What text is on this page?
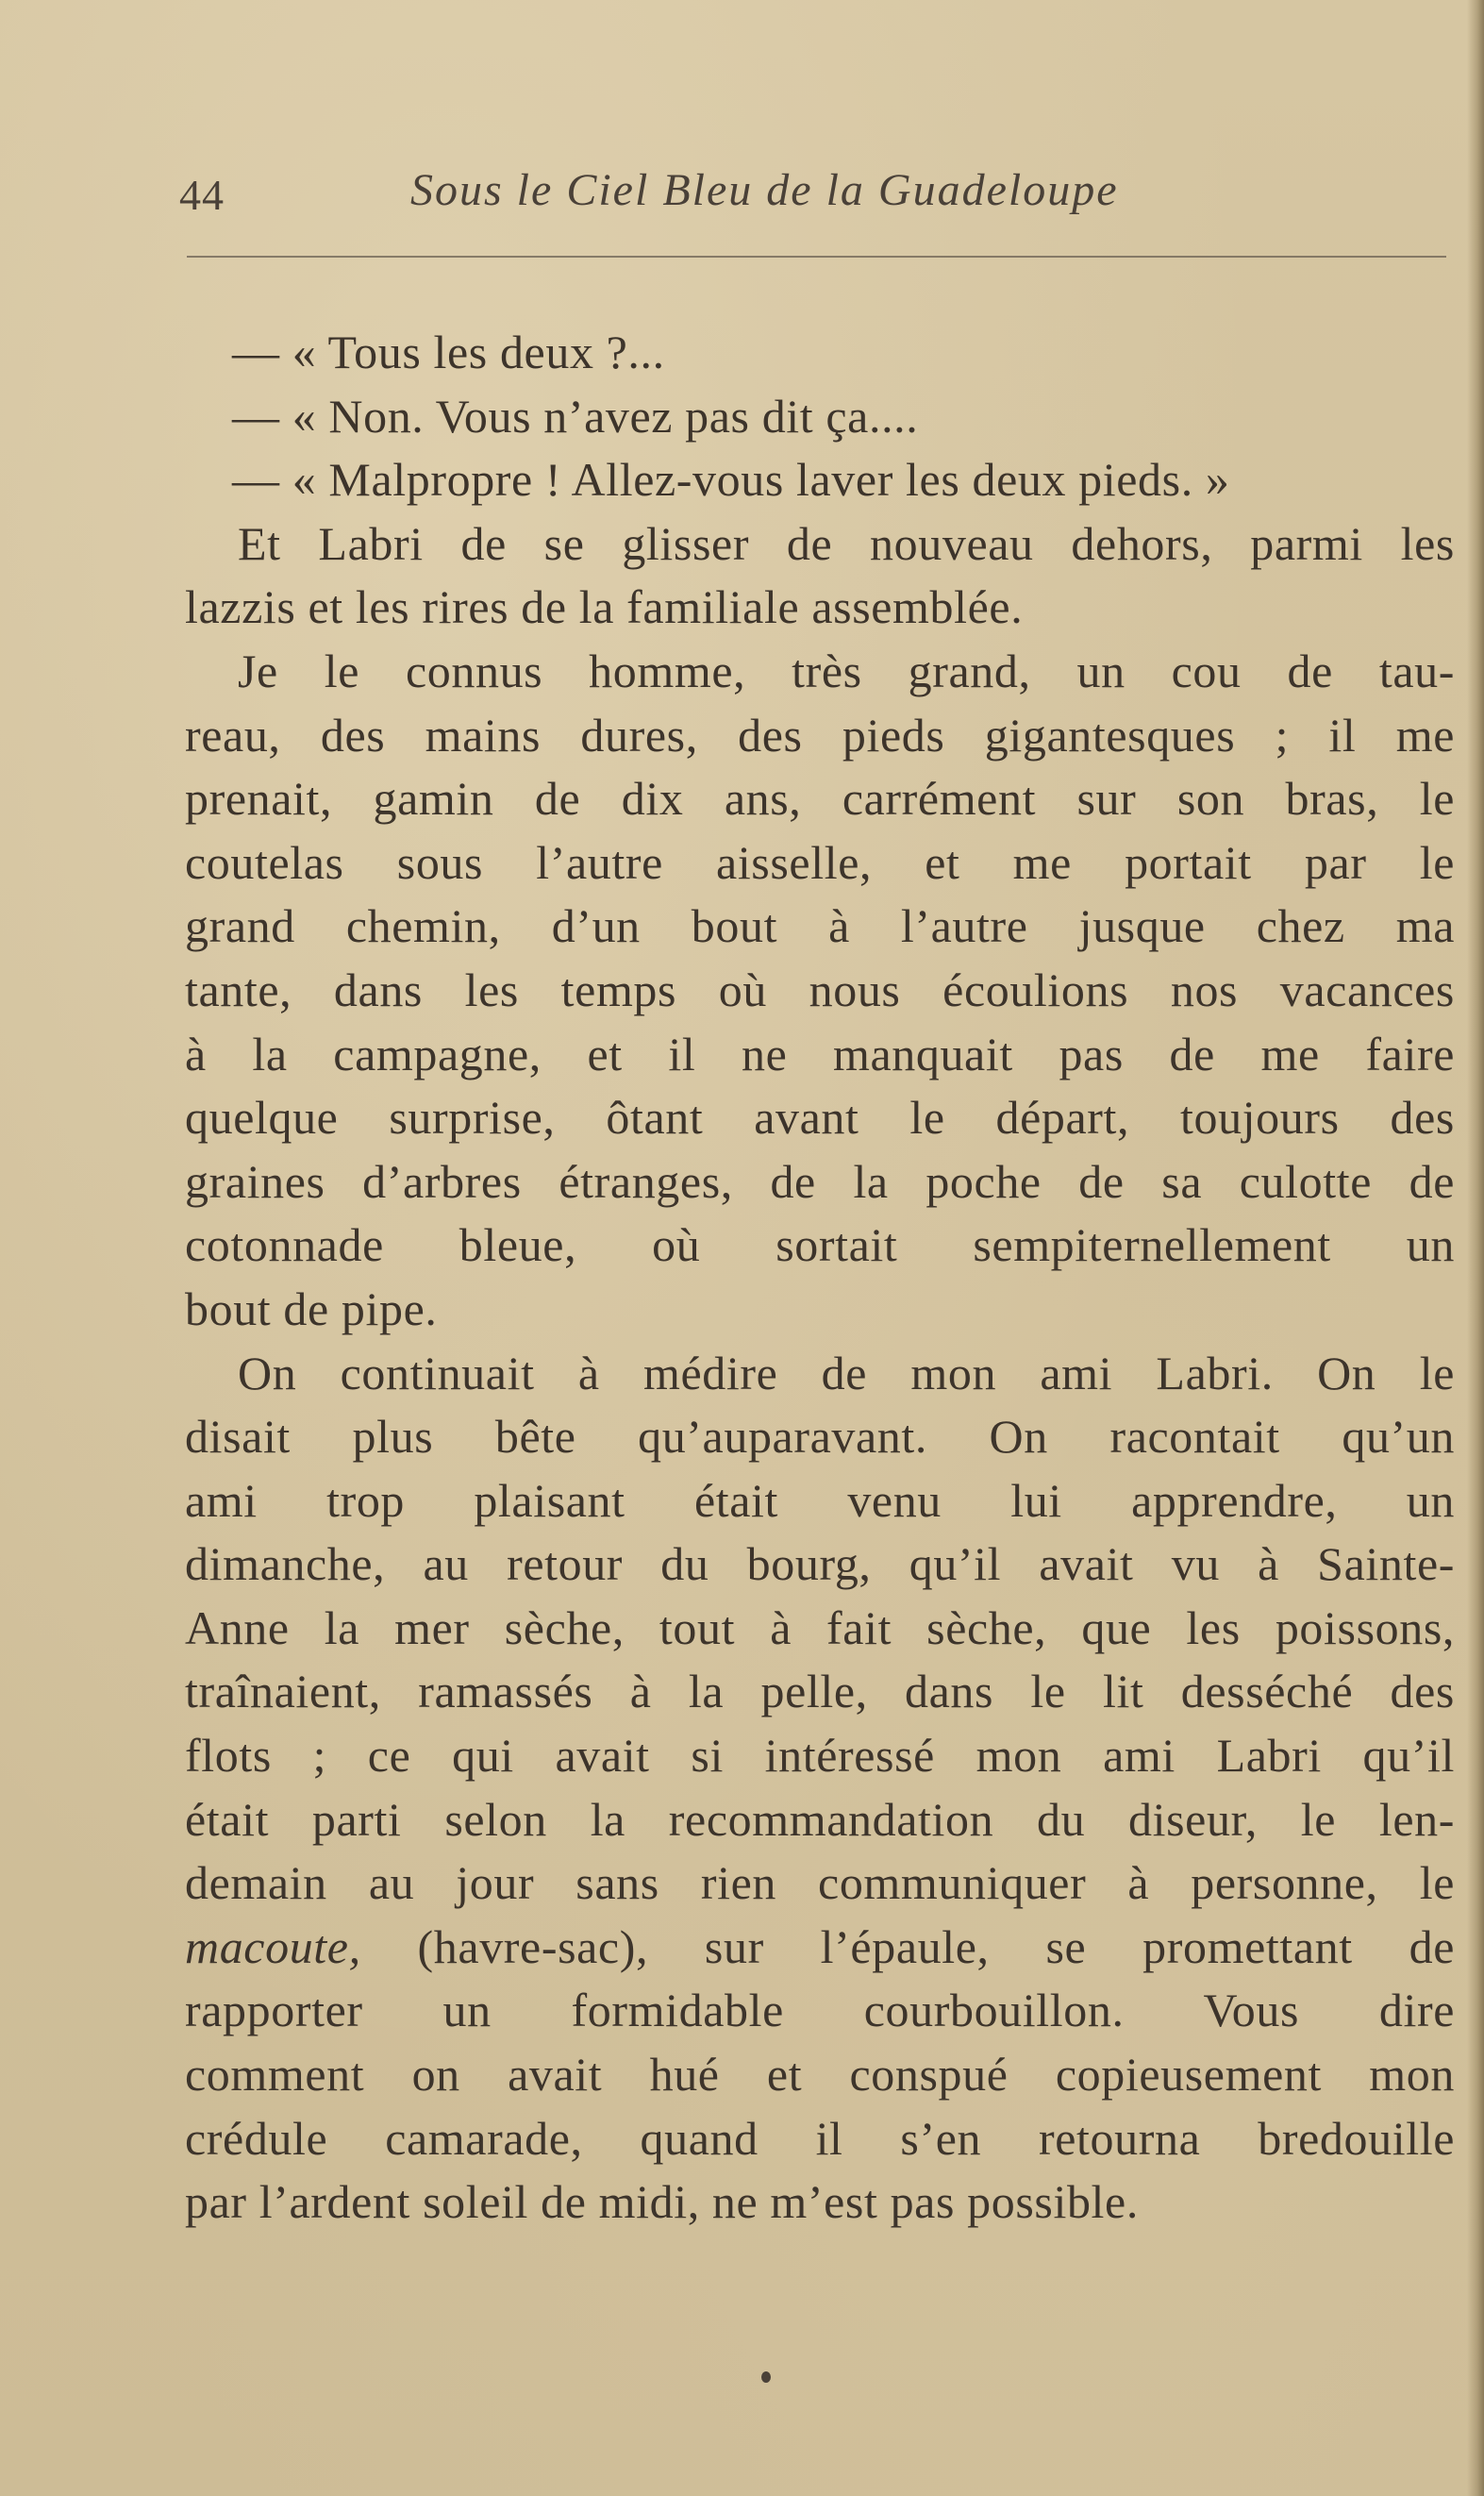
44	Sous le Ciel Bleu de la Guadeloupe
— « Tous les deux ?...
— « Non. Vous n’avez pas dit ça....
— « Malpropre ! Allez-vous laver les deux pieds. »
Et Labri de se glisser de nouveau dehors, parmi les
lazzis et les rires de la familiale assemblée.
Je le connus homme, très grand, un cou de tau-
reau, des mains dures, des pieds gigantesques ; il me
prenait, gamin de dix ans, carrément sur son bras, le
coutelas sous l’autre aisselle, et me portait par le
grand chemin, d’un bout à l’autre jusque chez ma
tante, dans les temps où nous écoulions nos vacances
à la campagne, et il ne manquait pas de me faire
quelque surprise, ôtant avant le départ, toujours des
graines d’arbres étranges, de la poche de sa culotte de
cotonnade bleue, où sortait sempiternellement un
bout de pipe.
On continuait à médire de mon ami Labri. On le
disait plus bête qu’auparavant. On racontait qu’un
ami trop plaisant était venu lui apprendre, un
dimanche, au retour du bourg, qu’il avait vu à Sainte-
Anne la mer sèche, tout à fait sèche, que les poissons,
traînaient, ramassés à la pelle, dans le lit desséché des
flots ; ce qui avait si intéressé mon ami Labri qu’il
était parti selon la recommandation du diseur, le len-
demain au jour sans rien communiquer à personne, le
macoute, (havre-sac), sur l’épaule, se promettant de
rapporter un formidable courbouillon. Vous dire
comment on avait hué et conspué copieusement mon
crédule camarade, quand il s’en retourna bredouille
par l’ardent soleil de midi, ne m’est pas possible.
